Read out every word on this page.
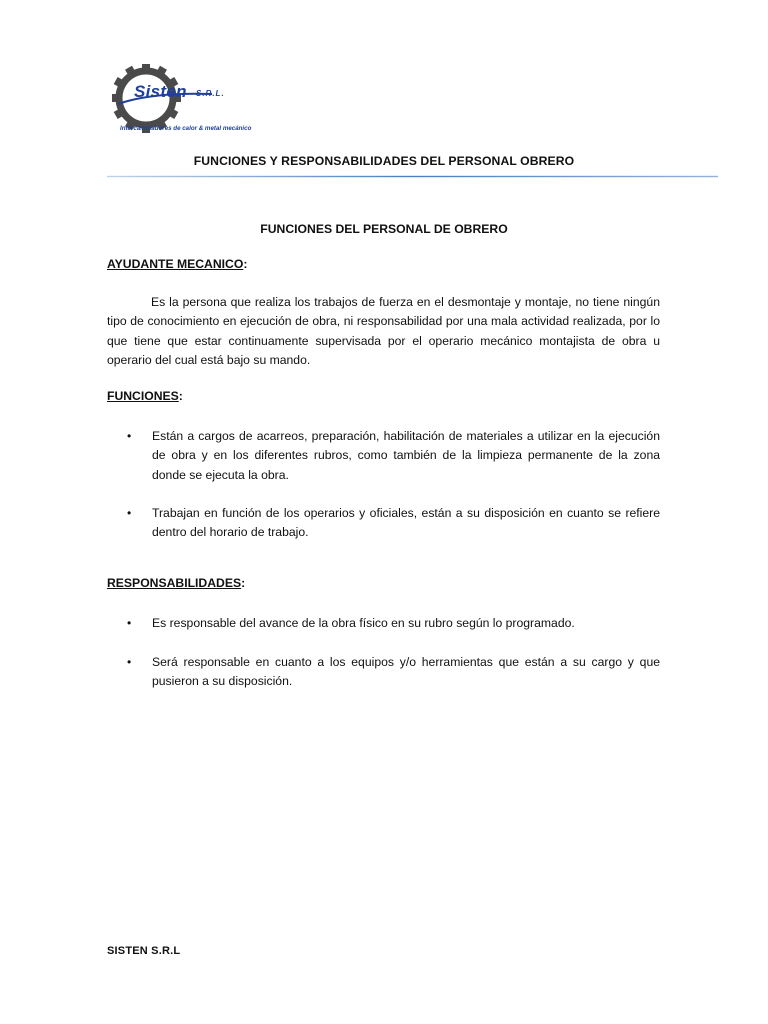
Sisten S.R.L.
Intercambiadores de calor & metal mecánico
FUNCIONES Y RESPONSABILIDADES DEL PERSONAL OBRERO
FUNCIONES DEL PERSONAL DE OBRERO
AYUDANTE MECANICO:
Es la persona que realiza los trabajos de fuerza en el desmontaje y montaje, no tiene ningún tipo de conocimiento en ejecución de obra, ni responsabilidad por una mala actividad realizada, por lo que tiene que estar continuamente supervisada por el operario mecánico montajista de obra u operario del cual está bajo su mando.
FUNCIONES:
• Están a cargos de acarreos, preparación, habilitación de materiales a utilizar en la ejecución de obra y en los diferentes rubros, como también de la limpieza permanente de la zona donde se ejecuta la obra.
• Trabajan en función de los operarios y oficiales, están a su disposición en cuanto se refiere dentro del horario de trabajo.
RESPONSABILIDADES:
• Es responsable del avance de la obra físico en su rubro según lo programado.
• Será responsable en cuanto a los equipos y/o herramientas que están a su cargo y que pusieron a su disposición.
SISTEN S.R.L
